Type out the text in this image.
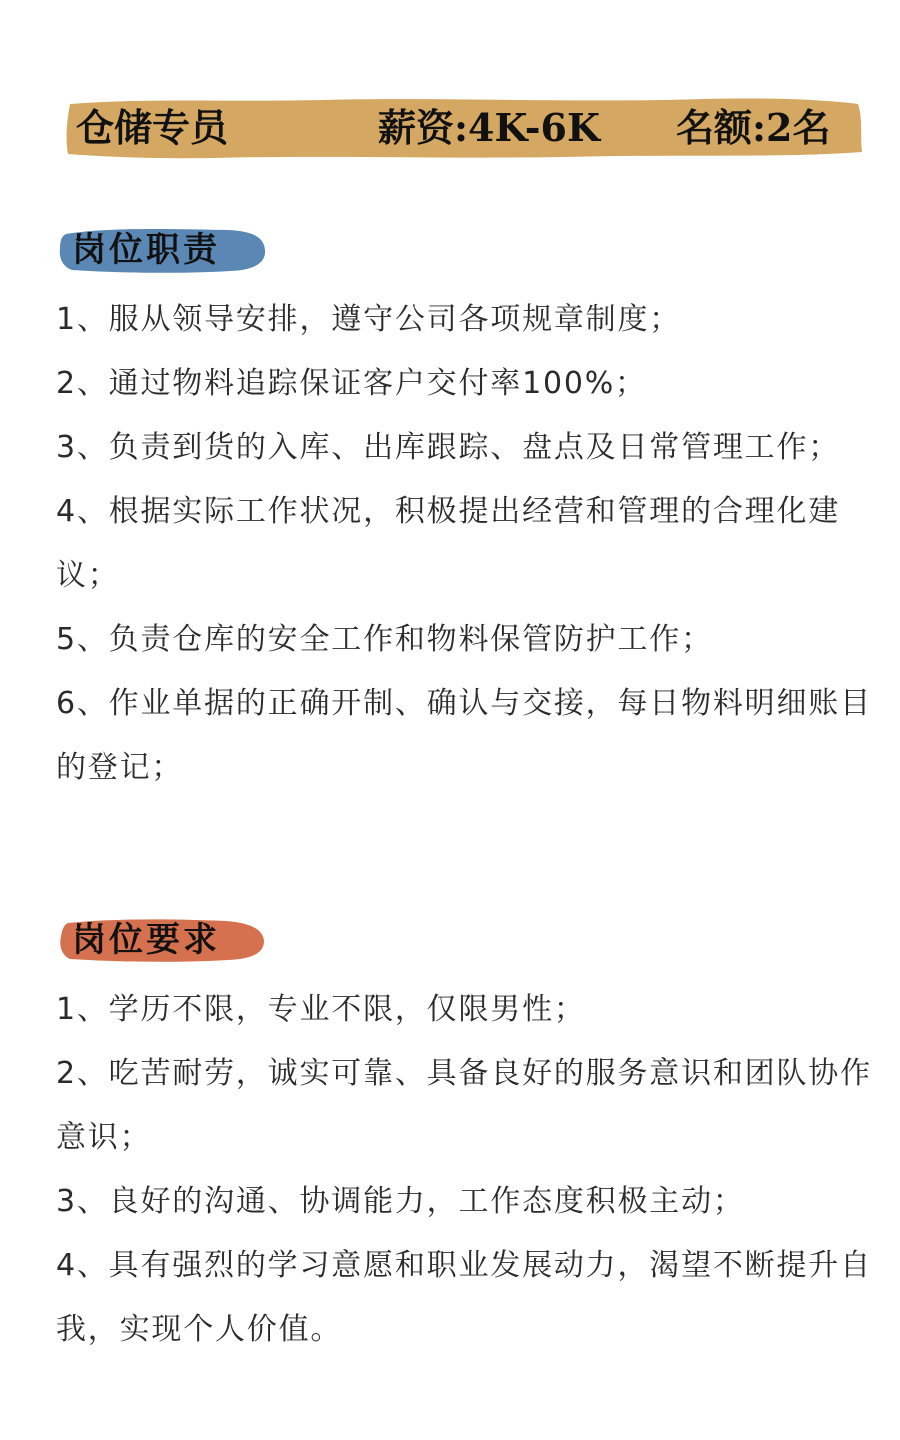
仓储专员	薪资:4K-6K 名额:2名
岗位职责
1、服从领导安排，遵守公司各项规章制度；
2、通过物料追踪保证客户交付率100%；
3、负责到货的入库、出库跟踪、盘点及日常管理工作；
4、根据实际工作状况，积极提出经营和管理的合理化建议；
5、负责仓库的安全工作和物料保管防护工作；
6、作业单据的正确开制、确认与交接，每日物料明细账目的登记；
岗位要求
1、学历不限，专业不限，仅限男性；
2、吃苦耐劳，诚实可靠、具备良好的服务意识和团队协作意识；
3、良好的沟通、协调能力，工作态度积极主动；
4、具有强烈的学习意愿和职业发展动力，渴望不断提升自我，实现个人价值。
